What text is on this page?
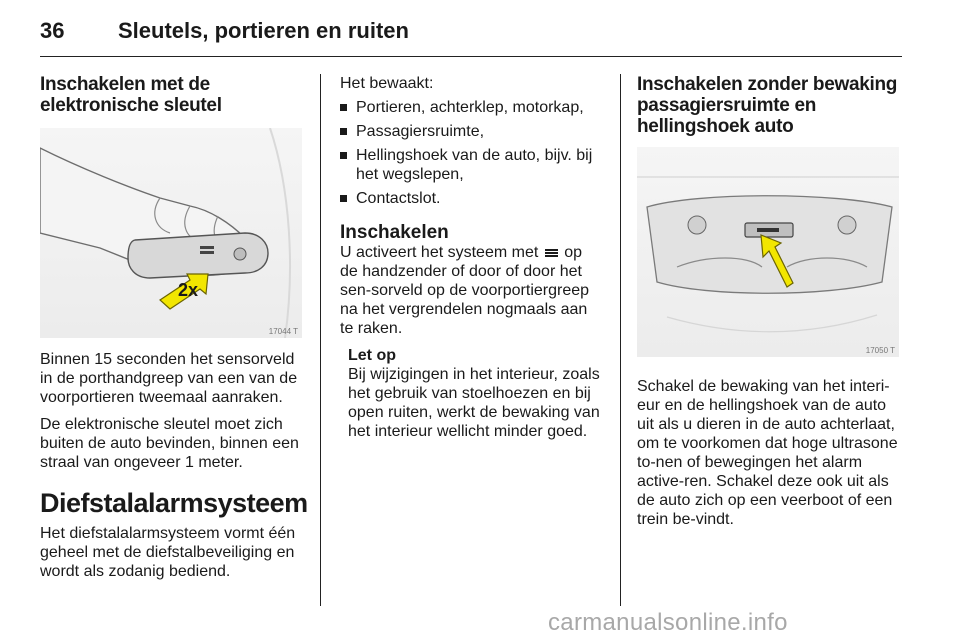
36 Sleutels, portieren en ruiten
Inschakelen met de elektronische sleutel
2x
17044 T

Binnen 15 seconden het sensorveld in de porthandgreep van een van de voorportieren tweemaal aanraken.

De elektronische sleutel moet zich buiten de auto bevinden, binnen een straal van ongeveer 1 meter.

Diefstalalarmsysteem

Het diefstalalarmsysteem vormt één geheel met de diefstalbeveiliging en wordt als zodanig bediend.

Het bewaakt:

Portieren, achterklep, motorkap,
Passagiersruimte,
Hellingshoek van de auto, bijv. bij het wegslepen,
Contactslot.
Inschakelen

U activeert het systeem met op de handzender of door of door het sen-sorveld op de voorportiergreep na het vergrendelen nogmaals aan te raken.

Let op

Bij wijzigingen in het interieur, zoals het gebruik van stoelhoezen en bij open ruiten, werkt de bewaking van het interieur wellicht minder goed.

Inschakelen zonder bewaking passagiersruimte en hellingshoek auto
17050 T

Schakel de bewaking van het interi-eur en de hellingshoek van de auto uit als u dieren in de auto achterlaat, om te voorkomen dat hoge ultrasone to-nen of bewegingen het alarm active-ren. Schakel deze ook uit als de auto zich op een veerboot of een trein be-vindt.

carmanualsonline.info
